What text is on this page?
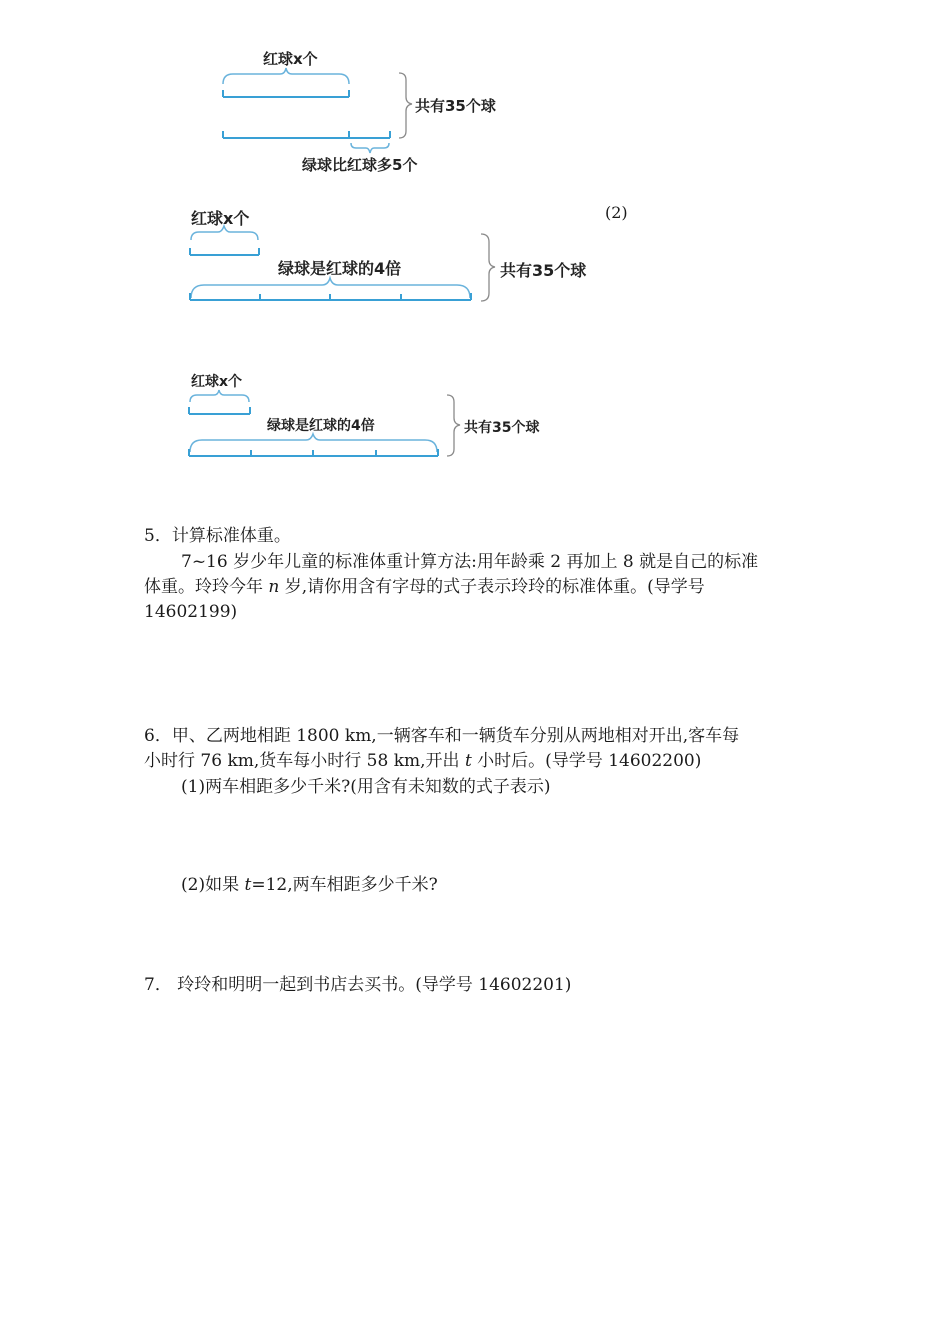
红球x个
共有35个球
绿球比红球多5个
(2)
红球x个
绿球是红球的4倍	共有35个球
红球x个
绿球是红球的4倍	共有35个球
5．计算标准体重。
7~16 岁少年儿童的标准体重计算方法:用年龄乘 2 再加上 8 就是自己的标准
体重。玲玲今年 n 岁,请你用含有字母的式子表示玲玲的标准体重。(导学号
14602199)
6．甲、乙两地相距 1800 km,一辆客车和一辆货车分别从两地相对开出,客车每
小时行 76 km,货车每小时行 58 km,开出 t 小时后。(导学号 14602200)
(1)两车相距多少千米?(用含有未知数的式子表示)
(2)如果 t=12,两车相距多少千米?
7． 玲玲和明明一起到书店去买书。(导学号 14602201)
